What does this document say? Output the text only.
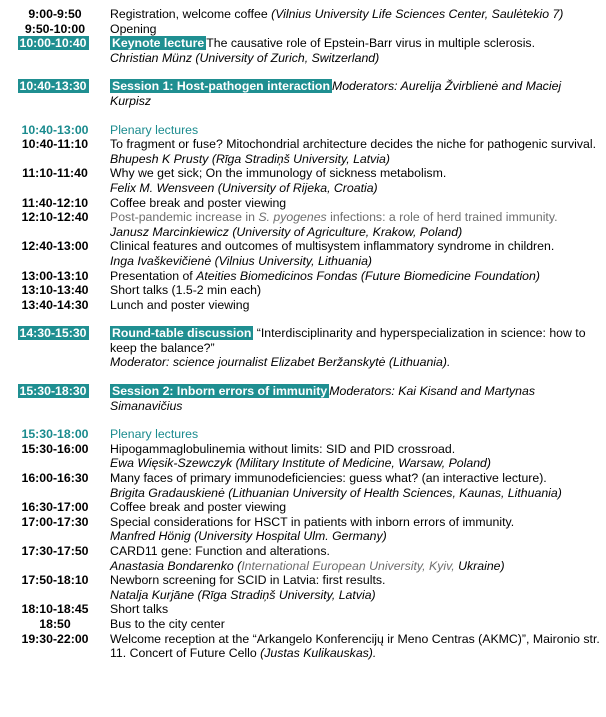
9:00-9:50	Registration, welcome coffee (Vilnius University Life Sciences Center, Saulėtekio 7)
9:50-10:00	Opening
10:00-10:40	Keynote lecture The causative role of Epstein-Barr virus in multiple sclerosis.
Christian Münz (University of Zurich, Switzerland)
10:40-13:30	Session 1: Host-pathogen interaction Moderators: Aurelija Žvirblienė and Maciej Kurpisz
10:40-13:00	Plenary lectures
10:40-11:10	To fragment or fuse? Mitochondrial architecture decides the niche for pathogenic survival.
Bhupesh K Prusty (Rīga Stradiņš University, Latvia)
11:10-11:40	Why we get sick; On the immunology of sickness metabolism.
Felix M. Wensveen (University of Rijeka, Croatia)
11:40-12:10	Coffee break and poster viewing
12:10-12:40	Post-pandemic increase in S. pyogenes infections: a role of herd trained immunity.
Janusz Marcinkiewicz (University of Agriculture, Krakow, Poland)
12:40-13:00	Clinical features and outcomes of multisystem inflammatory syndrome in children.
Inga Ivaškevičienė (Vilnius University, Lithuania)
13:00-13:10	Presentation of Ateities Biomedicinos Fondas (Future Biomedicine Foundation)
13:10-13:40	Short talks (1.5-2 min each)
13:40-14:30	Lunch and poster viewing
14:30-15:30	Round-table discussion “Interdisciplinarity and hyperspecialization in science: how to keep the balance?”
Moderator: science journalist Elizabet Beržanskytė (Lithuania).
15:30-18:30	Session 2: Inborn errors of immunity Moderators: Kai Kisand and Martynas Simanavičius
15:30-18:00	Plenary lectures
15:30-16:00	Hipogammaglobulinemia without limits: SID and PID crossroad.
Ewa Więsik-Szewczyk (Military Institute of Medicine, Warsaw, Poland)
16:00-16:30	Many faces of primary immunodeficiencies: guess what? (an interactive lecture).
Brigita Gradauskienė (Lithuanian University of Health Sciences, Kaunas, Lithuania)
16:30-17:00	Coffee break and poster viewing
17:00-17:30	Special considerations for HSCT in patients with inborn errors of immunity.
Manfred Hönig (University Hospital Ulm. Germany)
17:30-17:50	CARD11 gene: Function and alterations.
Anastasia Bondarenko (International European University, Kyiv, Ukraine)
17:50-18:10	Newborn screening for SCID in Latvia: first results.
Natalja Kurjāne (Rīga Stradiņš University, Latvia)
18:10-18:45	Short talks
18:50	Bus to the city center
19:30-22:00	Welcome reception at the “Arkangelo Konferencijų ir Meno Centras (AKMC)”, Maironio str. 11. Concert of Future Cello (Justas Kulikauskas).
